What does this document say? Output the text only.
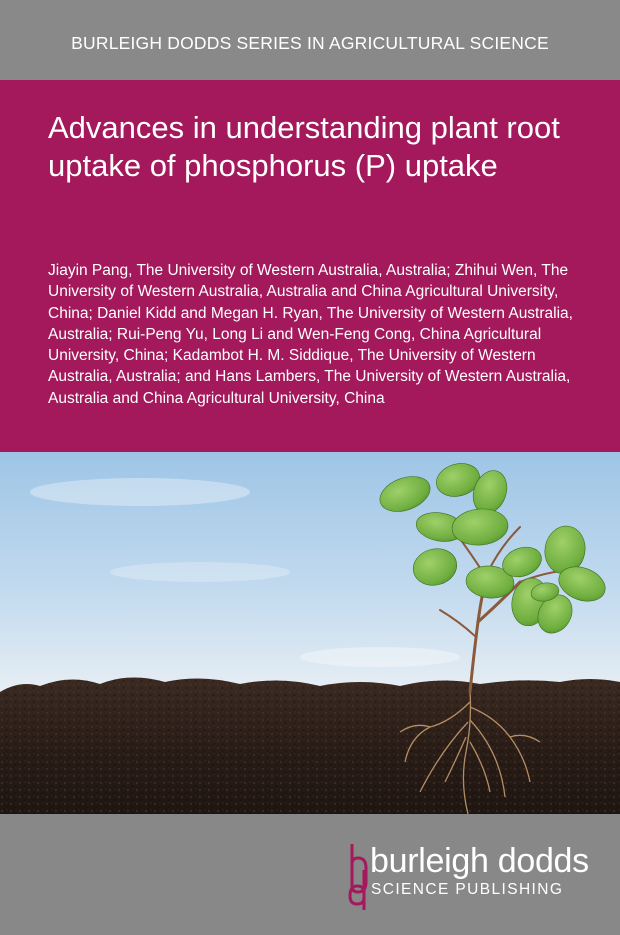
BURLEIGH DODDS SERIES IN AGRICULTURAL SCIENCE
Advances in understanding plant root uptake of phosphorus (P) uptake

Jiayin Pang, The University of Western Australia, Australia; Zhihui Wen, The University of Western Australia, Australia and China Agricultural University, China; Daniel Kidd and Megan H. Ryan, The University of Western Australia, Australia; Rui-Peng Yu, Long Li and Wen-Feng Cong, China Agricultural University, China; Kadambot H. M. Siddique, The University of Western Australia, Australia; and Hans Lambers, The University of Western Australia, Australia and China Agricultural University, China

burleigh dodds
SCIENCE PUBLISHING
